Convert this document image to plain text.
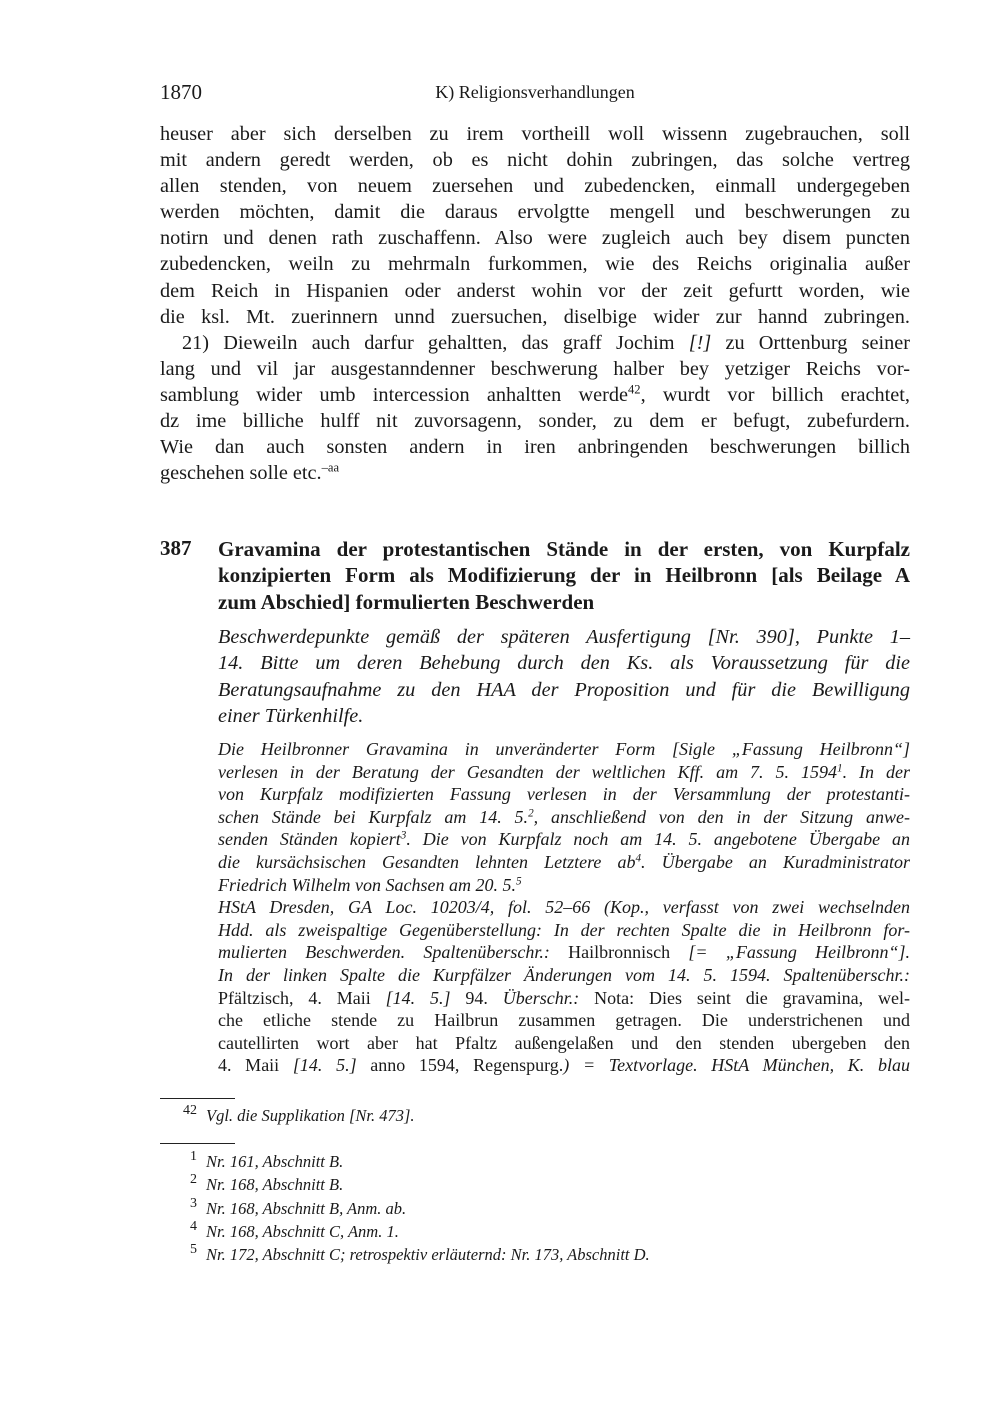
1870	K) Religionsverhandlungen

heuser aber sich derselben zu irem vortheill woll wissenn zugebrauchen, soll
mit andern geredt werden, ob es nicht dohin zubringen, das solche vertreg
allen stenden, von neuem zuersehen und zubedencken, einmall undergegeben
werden möchten, damit die daraus ervolgtte mengell und beschwerungen zu
notirn und denen rath zuschaffenn. Also were zugleich auch bey disem puncten
zubedencken, weiln zu mehrmaln furkommen, wie des Reichs originalia außer
dem Reich in Hispanien oder anderst wohin vor der zeit gefurtt worden, wie
die ksl. Mt. zuerinnern unnd zuersuchen, diselbige wider zur hannd zubringen.

21) Dieweiln auch darfur gehaltten, das graff Jochim [!] zu Orttenburg seiner
lang und vil jar ausgestanndenner beschwerung halber bey yetziger Reichs vor-
samblung wider umb intercession anhaltten werde$^{42}$, wurdt vor billich erachtet,
dz ime billiche hulff nit zuvorsagenn, sonder, zu dem er befugt, zubefurdern.
Wie dan auch sonsten andern in iren anbringenden beschwerungen billich
geschehen solle etc.$^{-aa}$

387 Gravamina der protestantischen Stände in der ersten, von Kurpfalz
konzipierten Form als Modifizierung der in Heilbronn [als Beilage A
zum Abschied] formulierten Beschwerden
Beschwerdepunkte gemäß der späteren Ausfertigung [Nr. 390], Punkte 1–
14. Bitte um deren Behebung durch den Ks. als Voraussetzung für die
Beratungsaufnahme zu den HAA der Proposition und für die Bewilligung
einer Türkenhilfe.

Die Heilbronner Gravamina in unveränderter Form [Sigle „Fassung Heilbronn“]
verlesen in der Beratung der Gesandten der weltlichen Kff. am 7. 5. 1594$^1$. In der
von Kurpfalz modifizierten Fassung verlesen in der Versammlung der protestanti-
schen Stände bei Kurpfalz am 14. 5.$^2$, anschließend von den in der Sitzung anwe-
senden Ständen kopiert$^3$. Die von Kurpfalz noch am 14. 5. angebotene Übergabe an
die kursächsischen Gesandten lehnten Letztere $ab^4$. Übergabe an Kuradministrator
Friedrich Wilhelm von Sachsen am 20. 5.$^5$

HStA Dresden, GA Loc. 10203/4, fol. 52–66 (Kop., verfasst von zwei wechselnden
Hdd. als zweispaltige Gegenüberstellung: In der rechten Spalte die in Heilbronn for-
mulierten Beschwerden. Spaltenüberschr.: Hailbronnisch [= „Fassung Heilbronn“].
In der linken Spalte die Kurpfälzer Änderungen vom 14. 5. 1594. Spaltenüberschr.:
Pfältzisch, 4. Maii [14. 5.] 94. Überschr.: Nota: Dies seint die gravamina, wel-
che etliche stende zu Hailbrun zusammen getragen. Die understrichenen und
cautellirten wort aber hat Pfaltz außengelaßen und den stenden ubergeben den
4. Maii [14. 5.] anno 1594, Regenspurg.) = Textvorlage. HStA München, K. blau

42 Vgl. die Supplikation [Nr. 473].
1 Nr. 161, Abschnitt B.
2 Nr. 168, Abschnitt B.
3 Nr. 168, Abschnitt B, Anm. ab.
4 Nr. 168, Abschnitt C, Anm. 1.
5 Nr. 172, Abschnitt C; retrospektiv erläuternd: Nr. 173, Abschnitt D.
